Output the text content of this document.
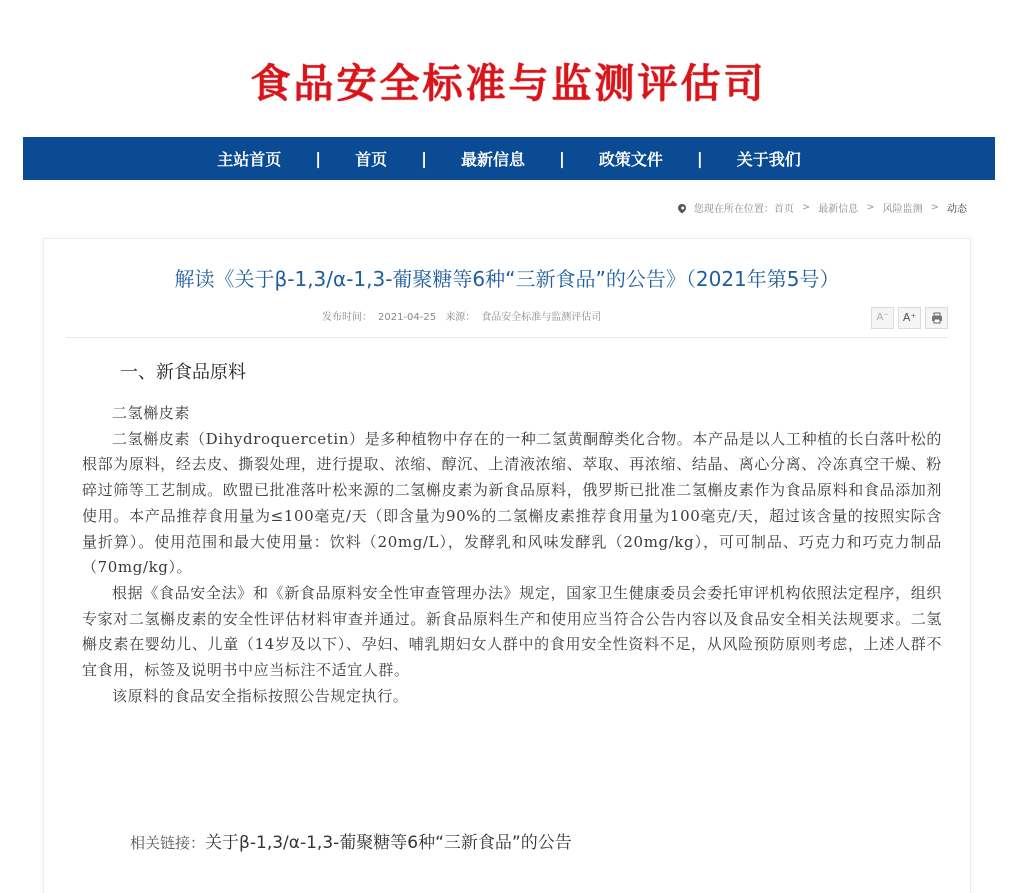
食品安全标准与监测评估司
主站首页 | 首页 | 最新信息 | 政策文件 | 关于我们
您现在所在位置： 首页 > 最新信息 > 风险监测 > 动态
解读《关于β-1,3/α-1,3-葡聚糖等6种“三新食品”的公告》（2021年第5号）
发布时间： 2021-04-25 来源： 食品安全标准与监测评估司	A⁻	A⁺
一、新食品原料

二氢槲皮素

二氢槲皮素（Dihydroquercetin）是多种植物中存在的一种二氢黄酮醇类化合物。本产品是以人工种植的长白落叶松的根部为原料，经去皮、撕裂处理，进行提取、浓缩、醇沉、上清液浓缩、萃取、再浓缩、结晶、离心分离、冷冻真空干燥、粉碎过筛等工艺制成。欧盟已批准落叶松来源的二氢槲皮素为新食品原料，俄罗斯已批准二氢槲皮素作为食品原料和食品添加剂使用。本产品推荐食用量为≤100毫克/天（即含量为90%的二氢槲皮素推荐食用量为100毫克/天，超过该含量的按照实际含量折算）。使用范围和最大使用量：饮料（20mg/L），发酵乳和风味发酵乳（20mg/kg），可可制品、巧克力和巧克力制品（70mg/kg）。

根据《食品安全法》和《新食品原料安全性审查管理办法》规定，国家卫生健康委员会委托审评机构依照法定程序，组织专家对二氢槲皮素的安全性评估材料审查并通过。新食品原料生产和使用应当符合公告内容以及食品安全相关法规要求。二氢槲皮素在婴幼儿、儿童（14岁及以下）、孕妇、哺乳期妇女人群中的食用安全性资料不足，从风险预防原则考虑，上述人群不宜食用，标签及说明书中应当标注不适宜人群。

该原料的食品安全指标按照公告规定执行。

相关链接：关于β-1,3/α-1,3-葡聚糖等6种“三新食品”的公告
